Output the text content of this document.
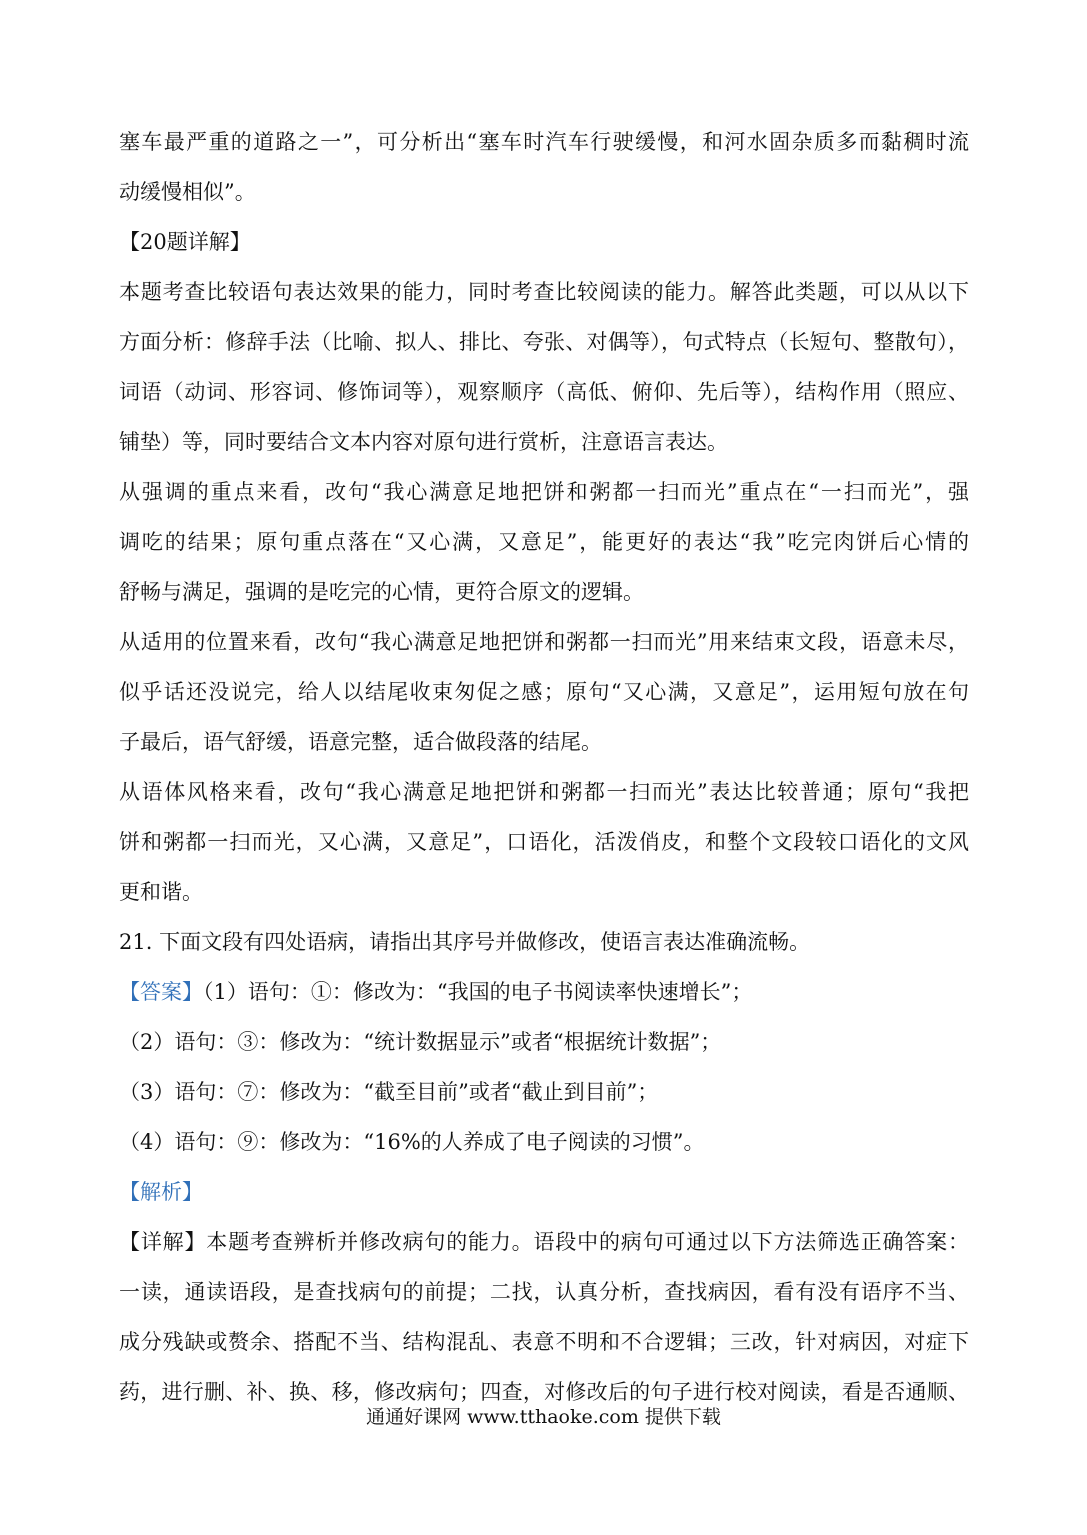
塞车最严重的道路之一”，可分析出“塞车时汽车行驶缓慢，和河水固杂质多而黏稠时流
动缓慢相似”。
【20题详解】
本题考查比较语句表达效果的能力，同时考查比较阅读的能力。解答此类题，可以从以下
方面分析：修辞手法（比喻、拟人、排比、夸张、对偶等），句式特点（长短句、整散句），
词语（动词、形容词、修饰词等），观察顺序（高低、俯仰、先后等），结构作用（照应、
铺垫）等，同时要结合文本内容对原句进行赏析，注意语言表达。
从强调的重点来看，改句“我心满意足地把饼和粥都一扫而光”重点在“一扫而光”，强
调吃的结果；原句重点落在“又心满，又意足”，能更好的表达“我”吃完肉饼后心情的
舒畅与满足，强调的是吃完的心情，更符合原文的逻辑。
从适用的位置来看，改句“我心满意足地把饼和粥都一扫而光”用来结束文段，语意未尽，
似乎话还没说完，给人以结尾收束匆促之感；原句“又心满，又意足”，运用短句放在句
子最后，语气舒缓，语意完整，适合做段落的结尾。
从语体风格来看，改句“我心满意足地把饼和粥都一扫而光”表达比较普通；原句“我把
饼和粥都一扫而光，又心满，又意足”，口语化，活泼俏皮，和整个文段较口语化的文风
更和谐。
21. 下面文段有四处语病，请指出其序号并做修改，使语言表达准确流畅。
【答案】（1）语句：①：修改为：“我国的电子书阅读率快速增长”；
（2）语句：③：修改为：“统计数据显示”或者“根据统计数据”；
（3）语句：⑦：修改为：“截至目前”或者“截止到目前”；
（4）语句：⑨：修改为：“16%的人养成了电子阅读的习惯”。
【解析】
【详解】本题考查辨析并修改病句的能力。语段中的病句可通过以下方法筛选正确答案：
一读，通读语段，是查找病句的前提；二找，认真分析，查找病因，看有没有语序不当、
成分残缺或赘余、搭配不当、结构混乱、表意不明和不合逻辑；三改，针对病因，对症下
药，进行删、补、换、移，修改病句；四查，对修改后的句子进行校对阅读，看是否通顺、
通通好课网 www.tthaoke.com 提供下载
